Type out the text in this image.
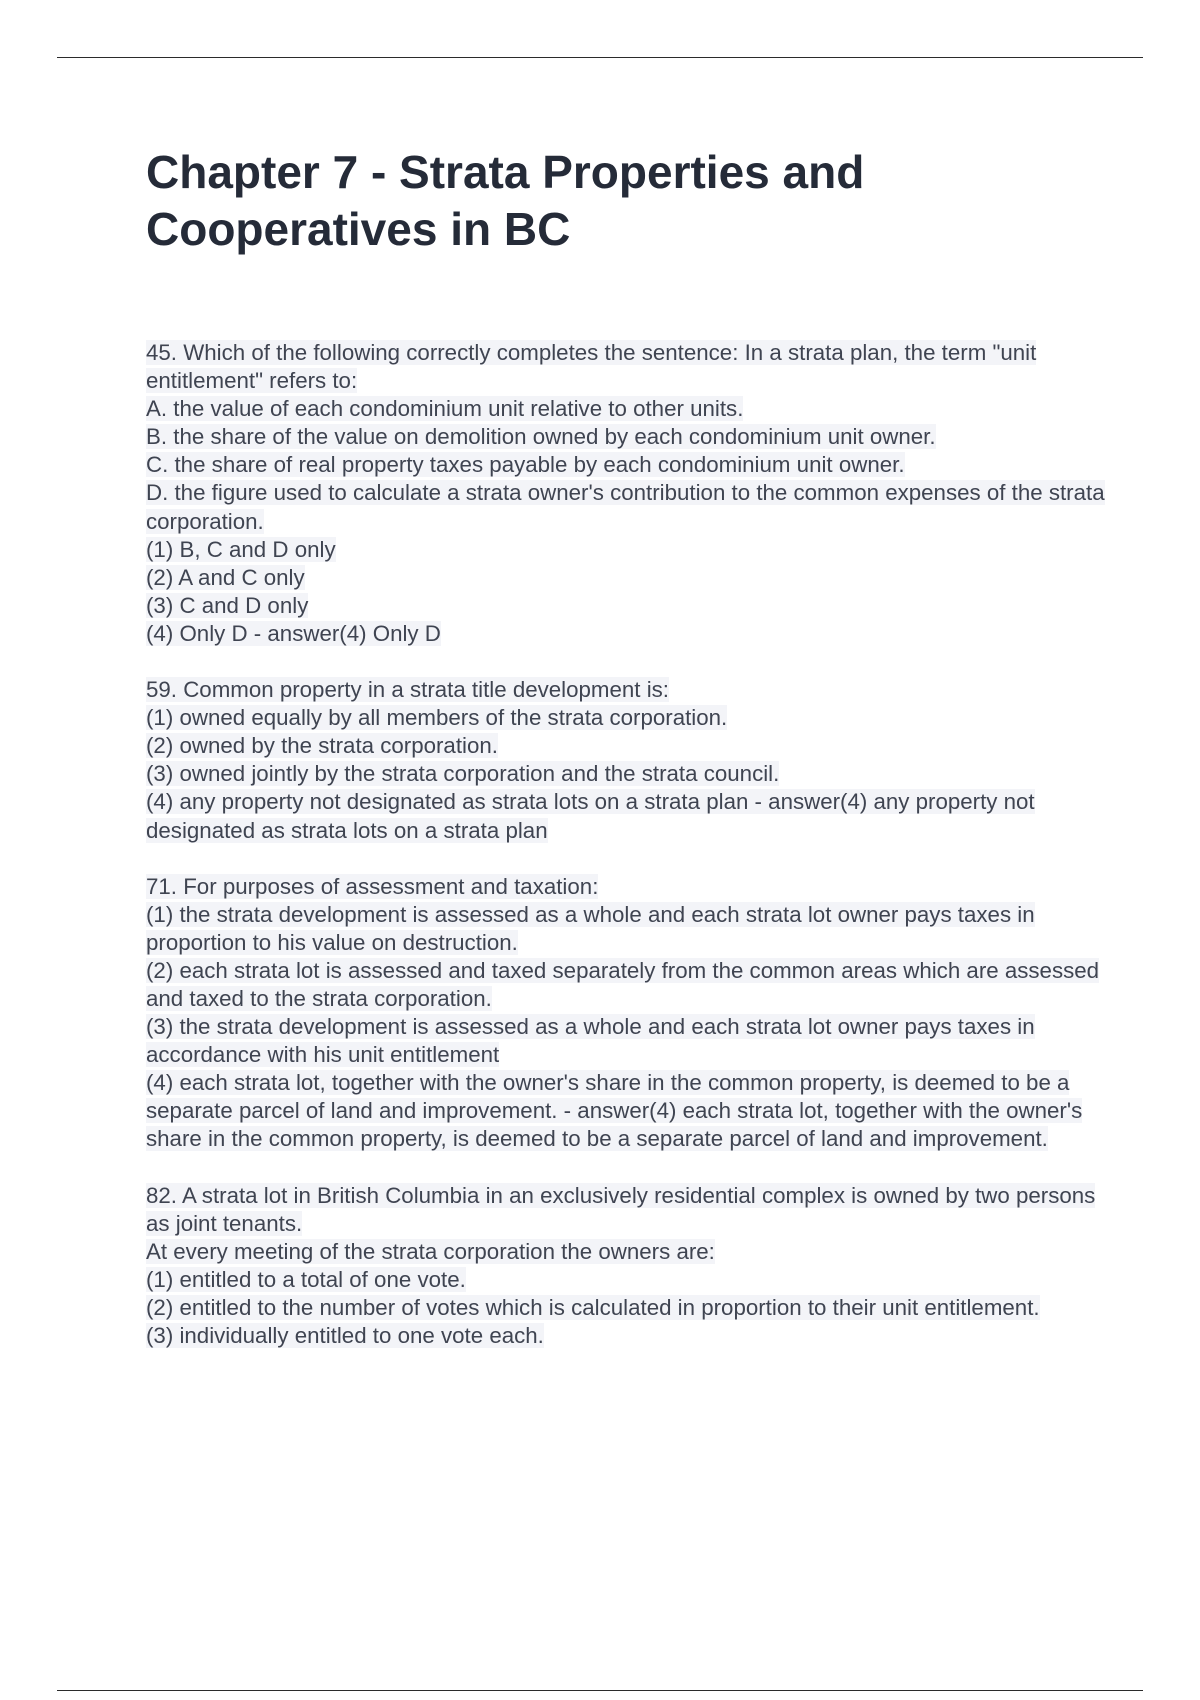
Chapter 7 - Strata Properties and Cooperatives in BC
45. Which of the following correctly completes the sentence: In a strata plan, the term "unit entitlement" refers to:
A. the value of each condominium unit relative to other units.
B. the share of the value on demolition owned by each condominium unit owner.
C. the share of real property taxes payable by each condominium unit owner.
D. the figure used to calculate a strata owner's contribution to the common expenses of the strata corporation.
(1) B, C and D only
(2) A and C only
(3) C and D only
(4) Only D - answer(4) Only D
59. Common property in a strata title development is:
(1) owned equally by all members of the strata corporation.
(2) owned by the strata corporation.
(3) owned jointly by the strata corporation and the strata council.
(4) any property not designated as strata lots on a strata plan - answer(4) any property not designated as strata lots on a strata plan
71. For purposes of assessment and taxation:
(1) the strata development is assessed as a whole and each strata lot owner pays taxes in proportion to his value on destruction.
(2) each strata lot is assessed and taxed separately from the common areas which are assessed and taxed to the strata corporation.
(3) the strata development is assessed as a whole and each strata lot owner pays taxes in accordance with his unit entitlement
(4) each strata lot, together with the owner's share in the common property, is deemed to be a separate parcel of land and improvement. - answer(4) each strata lot, together with the owner's share in the common property, is deemed to be a separate parcel of land and improvement.
82. A strata lot in British Columbia in an exclusively residential complex is owned by two persons as joint tenants.
At every meeting of the strata corporation the owners are:
(1) entitled to a total of one vote.
(2) entitled to the number of votes which is calculated in proportion to their unit entitlement.
(3) individually entitled to one vote each.
